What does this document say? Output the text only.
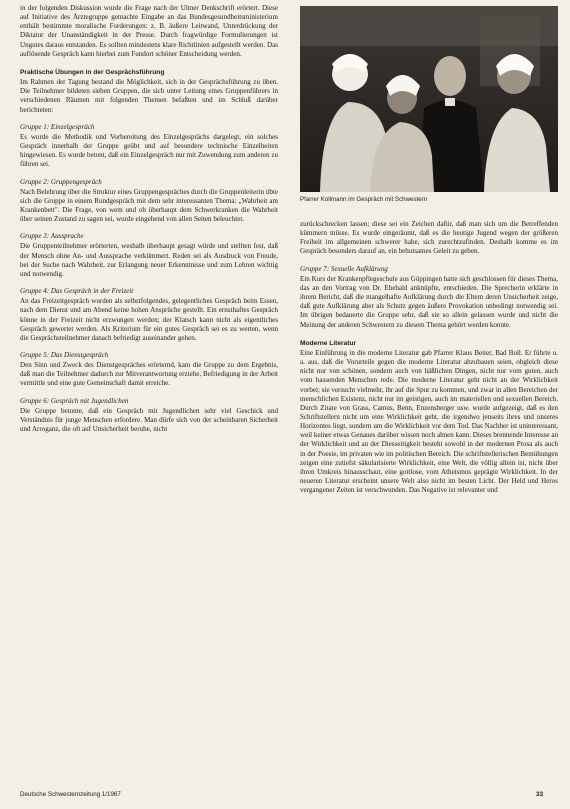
in der folgenden Diskussion wurde die Frage nach der Ulmer Denkschrift erörtert. Diese auf Initiative des Ärztegruppe gemachte Eingabe an das Bundesgesundheitsministerium enthält bestimmte moralische Forderungen: z. B. äußere Leitwand, Unterdrückung der Diktatur der Unanständigkeit in der Presse. Durch fragwürdige Formulierungen ist Ungutes daraus entstanden. Es sollten mindestens klare Richtlinien aufgestellt werden. Das auflösende Gespräch kann hierbei zum Fundort schöner Entscheidung werden.

Praktische Übungen in der Gesprächsführung

Im Rahmen der Tagung bestand die Möglichkeit, sich in der Gesprächsführung zu üben. Die Teilnehmer bildeten sieben Gruppen, die sich unter Leitung eines Gruppenführers in verschiedenen Räumen mit folgenden Themen befaßten und im Schluß darüber berichteten:

Gruppe 1: Einzelgespräch

Es wurde die Methodik und Vorbereitung des Einzelgesprächs dargelegt, ein solches Gespräch innerhalb der Gruppe geübt und auf besondere technische Einzelheiten hingewiesen. Es wurde betont, daß ein Einzelgespräch nur mit Zuwendung zum anderen zu führen sei.

Gruppe 2: Gruppengespräch

Nach Belehrung über die Struktur eines Gruppengespräches durch die Gruppenleiterin übte sich die Gruppe in einem Rundgespräch mit dem sehr interessanten Thema: „Wahrheit am Krankenbett". Die Frage, von wem und ob überhaupt dem Schwerkranken die Wahrheit über seinen Zustand zu sagen sei, wurde eingehend von allen Seiten beleuchtet.

Gruppe 3: Aussprache

Die Gruppenteilnehmer erörterten, weshalb überhaupt gesagt würde und stellten fest, daß der Mensch ohne An- und Aussprache verkümmert. Reden sei als Ausdruck von Freude, bei der Suche nach Wahrheit, zur Erlangung neuer Erkenntnisse und zum Lehren wichtig und notwendig.

Gruppe 4: Das Gespräch in der Freizeit

An das Freizeitgespräch wurden als selbstfolgendes, gelegentliches Gespräch beim Essen, nach dem Dienst und am Abend keine hohen Ansprüche gestellt. Ein ernsthaftes Gespräch könne in der Freizeit nicht erzwungen werden; der Klatsch kann nicht als eigentliches Gespräch gewertet werden. Als Kriterium für ein gutes Gespräch sei es zu werten, wenn die Gesprächsteilnehmer danach befriedigt auseinander gehen.

Gruppe 5: Das Dienstgespräch

Den Sinn und Zweck des Dienstgespräches erörternd, kam die Gruppe zu dem Ergebnis, daß man die Teilnehmer dadurch zur Mitverantwortung erziehe, Befriedigung in der Arbeit vermittle und eine gute Gemeinschaft damit erreiche.

Gruppe 6: Gespräch mit Jugendlichen

Die Gruppe betonte, daß ein Gespräch mit Jugendlichen sehr viel Geschick und Verständnis für junge Menschen erfordere. Man dürfe sich von der scheinbaren Sicherheit und Arroganz, die oft auf Unsicherheit beruhe, nicht

Pfarrer Kollmann im Gespräch mit Schwestern

zurückschrecken lassen; diese sei ein Zeichen dafür, daß man sich um die Betreffenden kümmern müsse. Es wurde eingeräumt, daß es die heutige Jugend wegen der größeren Freiheit im allgemeinen schwerer habe, sich zurechtzufinden. Deshalb komme es im Gespräch besonders darauf an, ein behutsames Geleit zu geben.

Gruppe 7: Sexuelle Aufklärung

Ein Kurs der Krankenpflegeschule aus Göppingen hatte sich geschlossen für dieses Thema, das an den Vortrag von Dr. Ehebald anknüpfte, entschieden. Die Sprecherin erklärte in ihrem Bericht, daß die mangelhafte Aufklärung durch die Eltern deren Unsicherheit zeige, daß gute Aufklärung aber als Schutz gegen äußere Provokation unbedingt notwendig sei. Im übrigen bedauerte die Gruppe sehr, daß sie so allein gelassen wurde und nicht die Meinung der anderen Schwestern zu diesem Thema gehört werden konnte.

Moderne Literatur

Eine Einführung in die moderne Literatur gab Pfarrer Klaus Beiter, Bad Boll. Er führte u. a. aus, daß die Vorurteile gegen die moderne Literatur abzubauen seien, obgleich diese nicht nur von schönen, sondern auch von häßlichen Dingen, nicht nur vom guten, auch vom hassenden Menschen rede. Die moderne Literatur geht nicht an der Wirklichkeit vorbei; sie versucht vielmehr, ihr auf die Spur zu kommen, und zwar in allen Bereichen der menschlichen Existenz, nicht nur im geistigen, auch im materiellen und sexuellen Bereich. Durch Zitate von Grass, Camus, Benn, Enzensberger usw. wurde aufgezeigt, daß es den Schriftstellern nicht um eine Wirklichkeit geht, die irgendwo jenseits ihres und unseres Horizontes liegt, sondern um die Wirklichkeit vor dem Tod. Das Nachher ist uninteressant, weil keiner etwas Genaues darüber wissen noch ahnen kann. Dieses brennende Interesse an der Wirklichkeit und an der Diesseitigkeit besteht sowohl in der modernen Prosa als auch in der Poesie, im privaten wie im politischen Bereich. Die schriftstellerischen Bemühungen zeigen eine zutiefst säkularisierte Wirklichkeit, eine Welt, die völlig allein ist, nicht über ihren Umkreis hinausschaut, eine gottlose, vom Atheismus geprägte Wirklichkeit. In der neueren Literatur erscheint unsere Welt also nicht im besten Licht. Der Held und Heros vergangener Zeiten ist verschwunden. Das Negative ist relevanter und

Deutsche Schwesternzeitung 1/1967	33
